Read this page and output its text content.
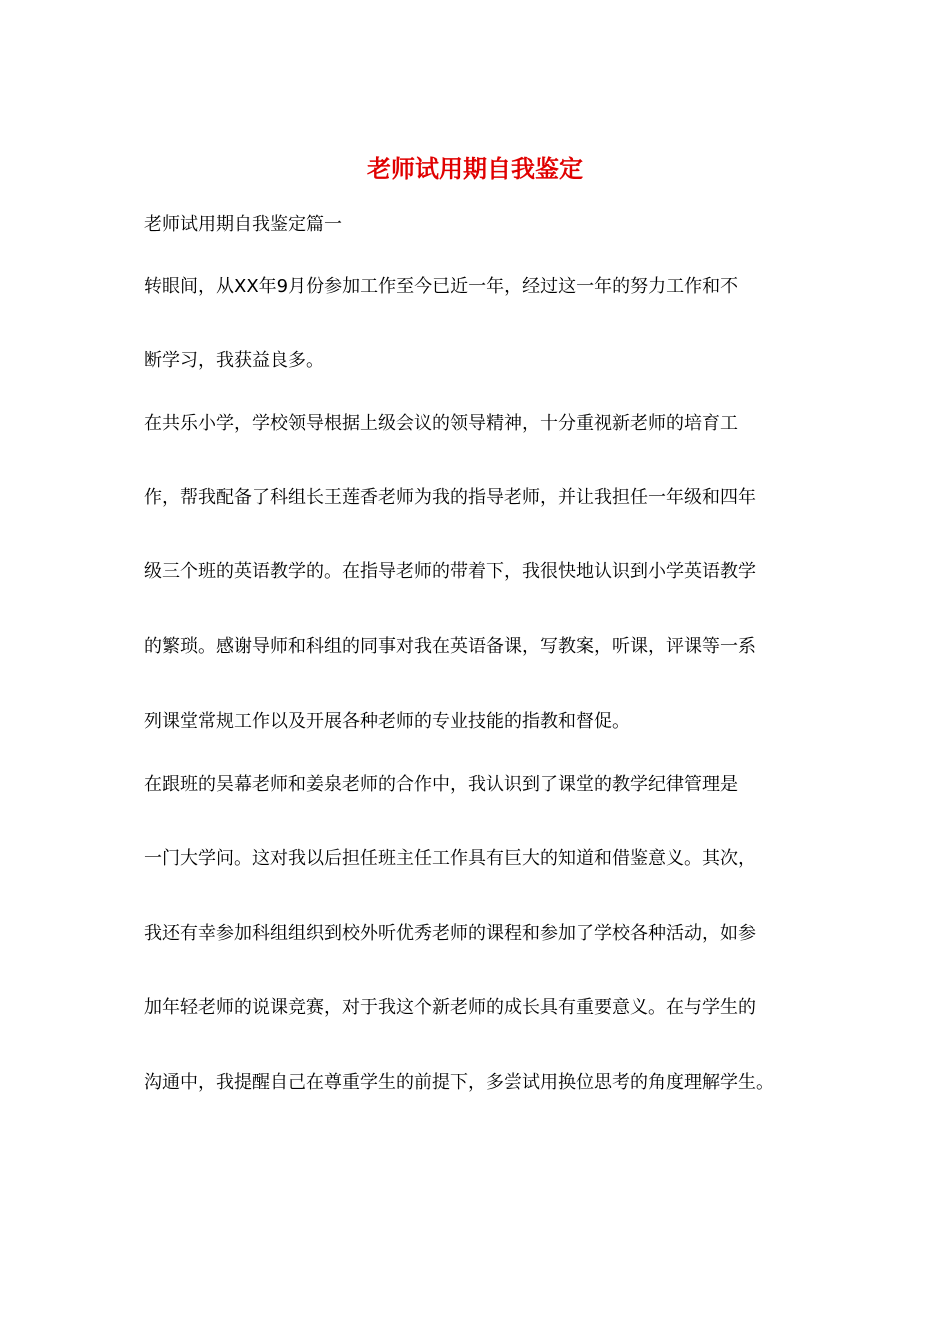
老师试用期自我鉴定

老师试用期自我鉴定篇一

转眼间，从XX年9月份参加工作至今已近一年，经过这一年的努力工作和不

断学习，我获益良多。

在共乐小学，学校领导根据上级会议的领导精神，十分重视新老师的培育工

作，帮我配备了科组长王莲香老师为我的指导老师，并让我担任一年级和四年

级三个班的英语教学的。在指导老师的带着下，我很快地认识到小学英语教学

的繁琐。感谢导师和科组的同事对我在英语备课，写教案，听课，评课等一系

列课堂常规工作以及开展各种老师的专业技能的指教和督促。

在跟班的吴幕老师和姜泉老师的合作中，我认识到了课堂的教学纪律管理是

一门大学问。这对我以后担任班主任工作具有巨大的知道和借鉴意义。其次，

我还有幸参加科组组织到校外听优秀老师的课程和参加了学校各种活动，如参

加年轻老师的说课竞赛，对于我这个新老师的成长具有重要意义。在与学生的

沟通中，我提醒自己在尊重学生的前提下，多尝试用换位思考的角度理解学生。
